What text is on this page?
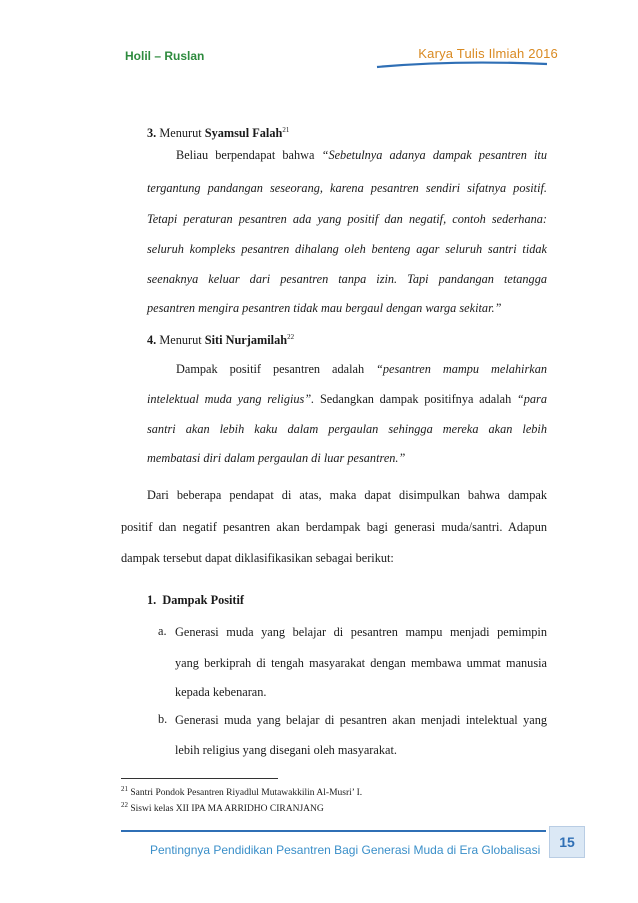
Holil – Ruslan	Karya Tulis Ilmiah 2016
3. Menurut Syamsul Falah$^{21}$
Beliau berpendapat bahwa “Sebetulnya adanya dampak pesantren itu
tergantung pandangan seseorang, karena pesantren sendiri sifatnya positif.
Tetapi peraturan pesantren ada yang positif dan negatif, contoh sederhana:
seluruh kompleks pesantren dihalang oleh benteng agar seluruh santri tidak
seenaknya keluar dari pesantren tanpa izin. Tapi pandangan tetangga
pesantren mengira pesantren tidak mau bergaul dengan warga sekitar.”
4. Menurut Siti Nurjamilah$^{22}$
Dampak positif pesantren adalah “pesantren mampu melahirkan
intelektual muda yang religius”. Sedangkan dampak positifnya adalah “para
santri akan lebih kaku dalam pergaulan sehingga mereka akan lebih
membatasi diri dalam pergaulan di luar pesantren.”
Dari beberapa pendapat di atas, maka dapat disimpulkan bahwa dampak
positif dan negatif pesantren akan berdampak bagi generasi muda/santri. Adapun
dampak tersebut dapat diklasifikasikan sebagai berikut:
1. Dampak Positif
a. Generasi muda yang belajar di pesantren mampu menjadi pemimpin
yang berkiprah di tengah masyarakat dengan membawa ummat manusia
kepada kebenaran.
b. Generasi muda yang belajar di pesantren akan menjadi intelektual yang
lebih religius yang disegani oleh masyarakat.
$^{21}$ Santri Pondok Pesantren Riyadlul Mutawakkilin Al-Musri’ I.
$^{22}$ Siswi kelas XII IPA MA ARRIDHO CIRANJANG
Pentingnya Pendidikan Pesantren Bagi Generasi Muda di Era Globalisasi	15
